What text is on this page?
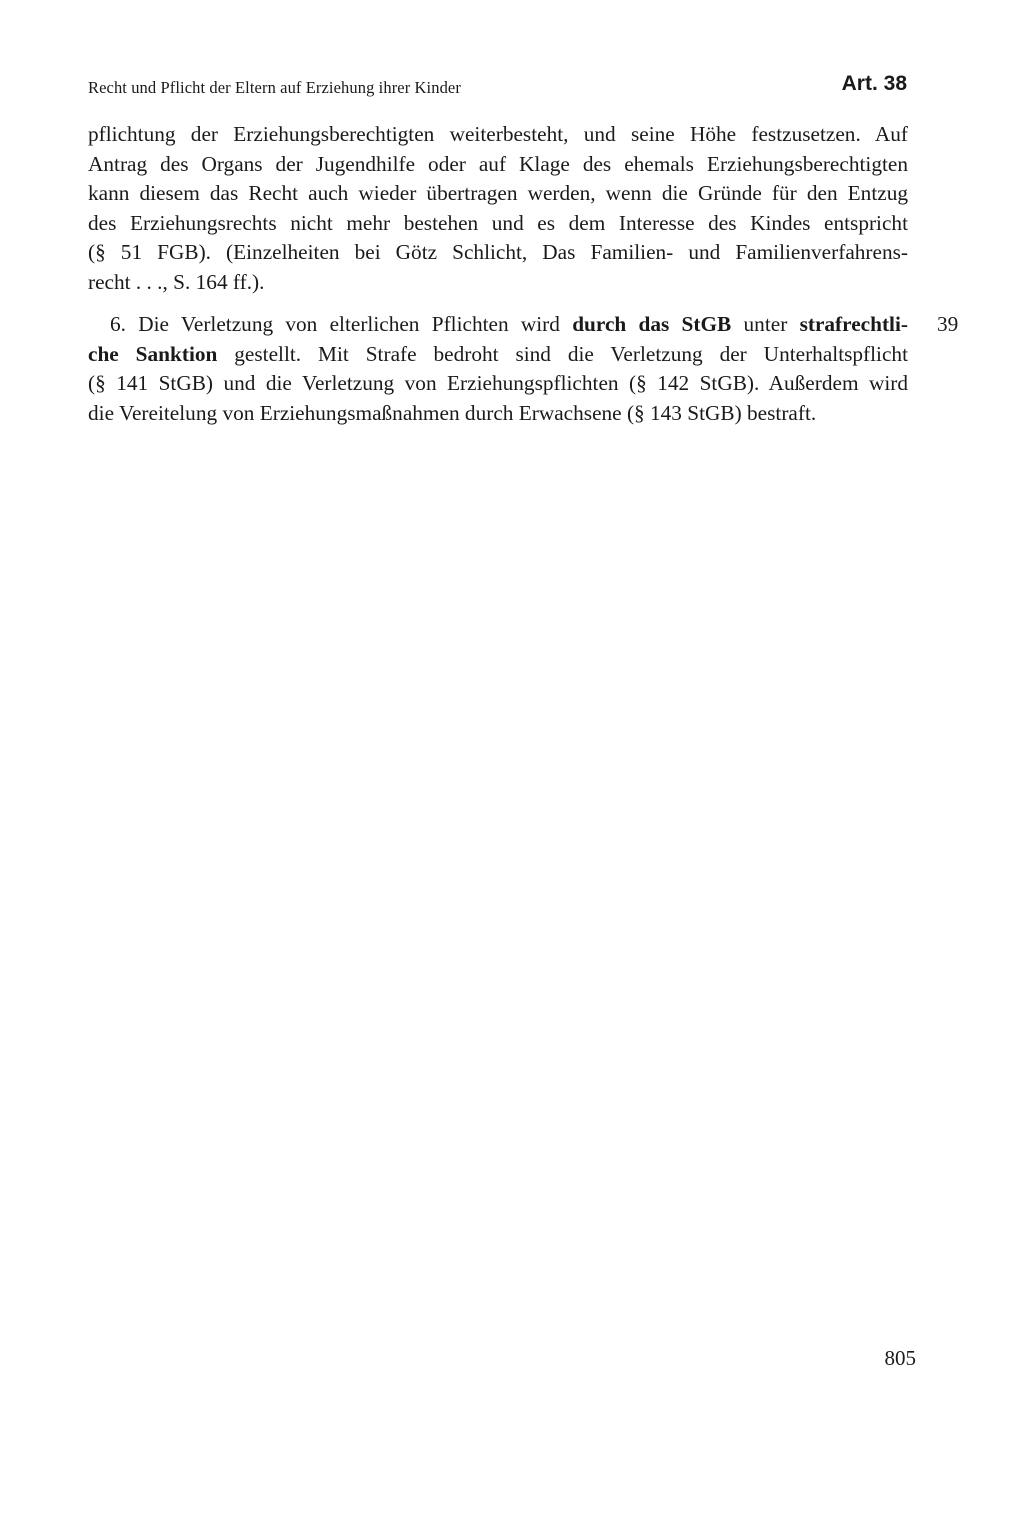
Recht und Pflicht der Eltern auf Erziehung ihrer Kinder	Art. 38

pflichtung der Erziehungsberechtigten weiterbesteht, und seine Höhe festzusetzen. Auf
Antrag des Organs der Jugendhilfe oder auf Klage des ehemals Erziehungsberechtigten
kann diesem das Recht auch wieder übertragen werden, wenn die Gründe für den Entzug
des Erziehungsrechts nicht mehr bestehen und es dem Interesse des Kindes entspricht
(§ 51 FGB). (Einzelheiten bei Götz Schlicht, Das Familien- und Familienverfahrens-
recht . . ., S. 164 ff.).

39

6. Die Verletzung von elterlichen Pflichten wird durch das StGB unter strafrechtli-
che Sanktion gestellt. Mit Strafe bedroht sind die Verletzung der Unterhaltspflicht
(§ 141 StGB) und die Verletzung von Erziehungspflichten (§ 142 StGB). Außerdem wird
die Vereitelung von Erziehungsmaßnahmen durch Erwachsene (§ 143 StGB) bestraft.

805
